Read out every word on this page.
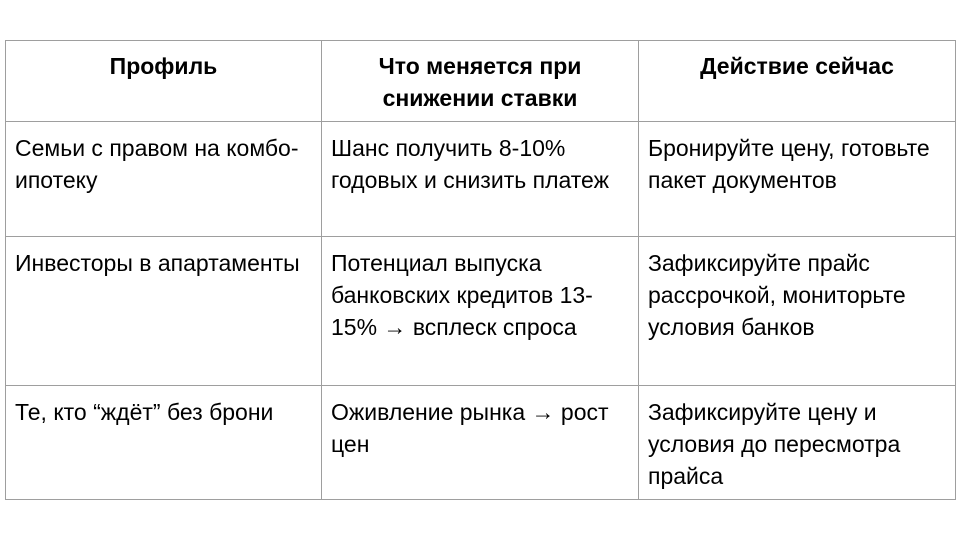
Профиль	Что меняется при снижении ставки	Действие сейчас
Семьи с правом на комбо-ипотеку	Шанс получить 8-10% годовых и снизить платеж	Бронируйте цену, готовьте пакет документов
Инвесторы в апартаменты	Потенциал выпуска банковских кредитов 13-15% → всплеск спроса	Зафиксируйте прайс рассрочкой, мониторьте условия банков
Те, кто “ждёт” без брони	Оживление рынка → рост цен	Зафиксируйте цену и условия до пересмотра прайса
